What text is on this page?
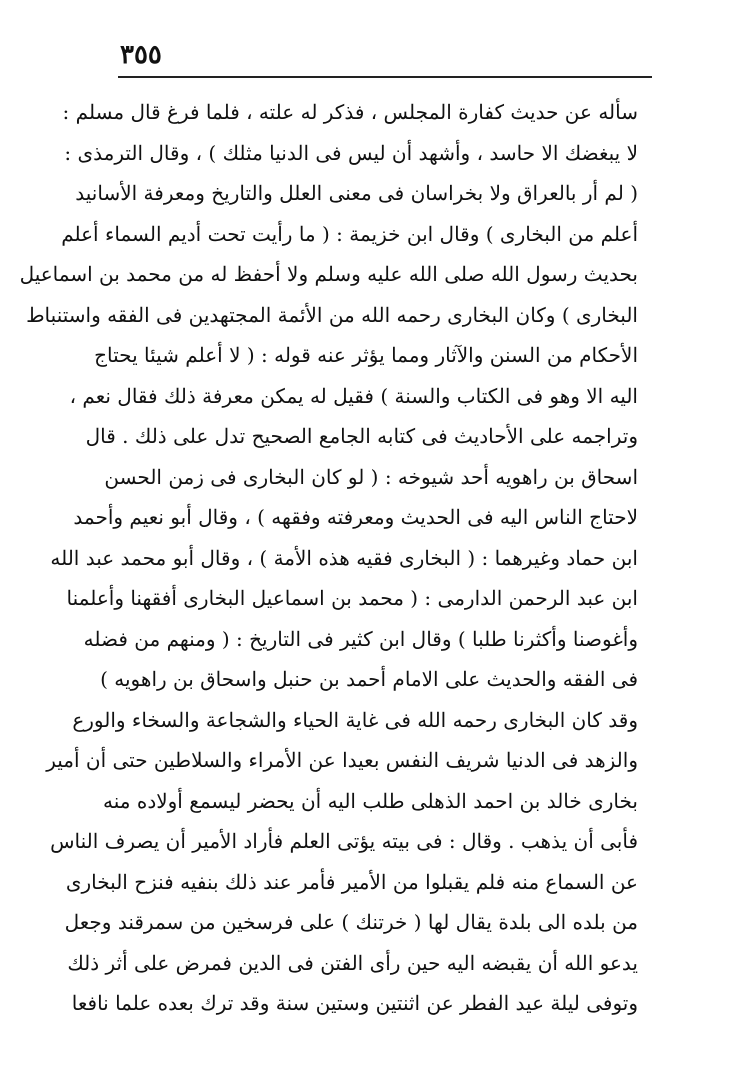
٣٥٥
سأله عن حديث كفارة المجلس ، فذكر له علته ، فلما فرغ قال مسلم :
لا يبغضك الا حاسد ، وأشهد أن ليس فى الدنيا مثلك ) ، وقال الترمذى :
( لم أر بالعراق ولا بخراسان فى معنى العلل والتاريخ ومعرفة الأسانيد
أعلم من البخارى ) وقال ابن خزيمة : ( ما رأيت تحت أديم السماء أعلم
بحديث رسول الله صلى الله عليه وسلم ولا أحفظ له من محمد بن اسماعيل
البخارى ) وكان البخارى رحمه الله من الأئمة المجتهدين فى الفقه واستنباط
الأحكام من السنن والآثار ومما يؤثر عنه قوله : ( لا أعلم شيئا يحتاج
اليه الا وهو فى الكتاب والسنة ) فقيل له يمكن معرفة ذلك فقال نعم ،
وتراجمه على الأحاديث فى كتابه الجامع الصحيح تدل على ذلك . قال
اسحاق بن راهويه أحد شيوخه : ( لو كان البخارى فى زمن الحسن
لاحتاج الناس اليه فى الحديث ومعرفته وفقهه ) ، وقال أبو نعيم وأحمد
ابن حماد وغيرهما : ( البخارى فقيه هذه الأمة ) ، وقال أبو محمد عبد الله
ابن عبد الرحمن الدارمى : ( محمد بن اسماعيل البخارى أفقهنا وأعلمنا
وأغوصنا وأكثرنا طلبا ) وقال ابن كثير فى التاريخ : ( ومنهم من فضله
فى الفقه والحديث على الامام أحمد بن حنبل واسحاق بن راهويه )
وقد كان البخارى رحمه الله فى غاية الحياء والشجاعة والسخاء والورع
والزهد فى الدنيا شريف النفس بعيدا عن الأمراء والسلاطين حتى أن أمير
بخارى خالد بن احمد الذهلى طلب اليه أن يحضر ليسمع أولاده منه
فأبى أن يذهب . وقال : فى بيته يؤتى العلم فأراد الأمير أن يصرف الناس
عن السماع منه فلم يقبلوا من الأمير فأمر عند ذلك بنفيه فنزح البخارى
من بلده الى بلدة يقال لها ( خرتنك ) على فرسخين من سمرقند وجعل
يدعو الله أن يقبضه اليه حين رأى الفتن فى الدين فمرض على أثر ذلك
وتوفى ليلة عيد الفطر عن اثنتين وستين سنة وقد ترك بعده علما نافعا
